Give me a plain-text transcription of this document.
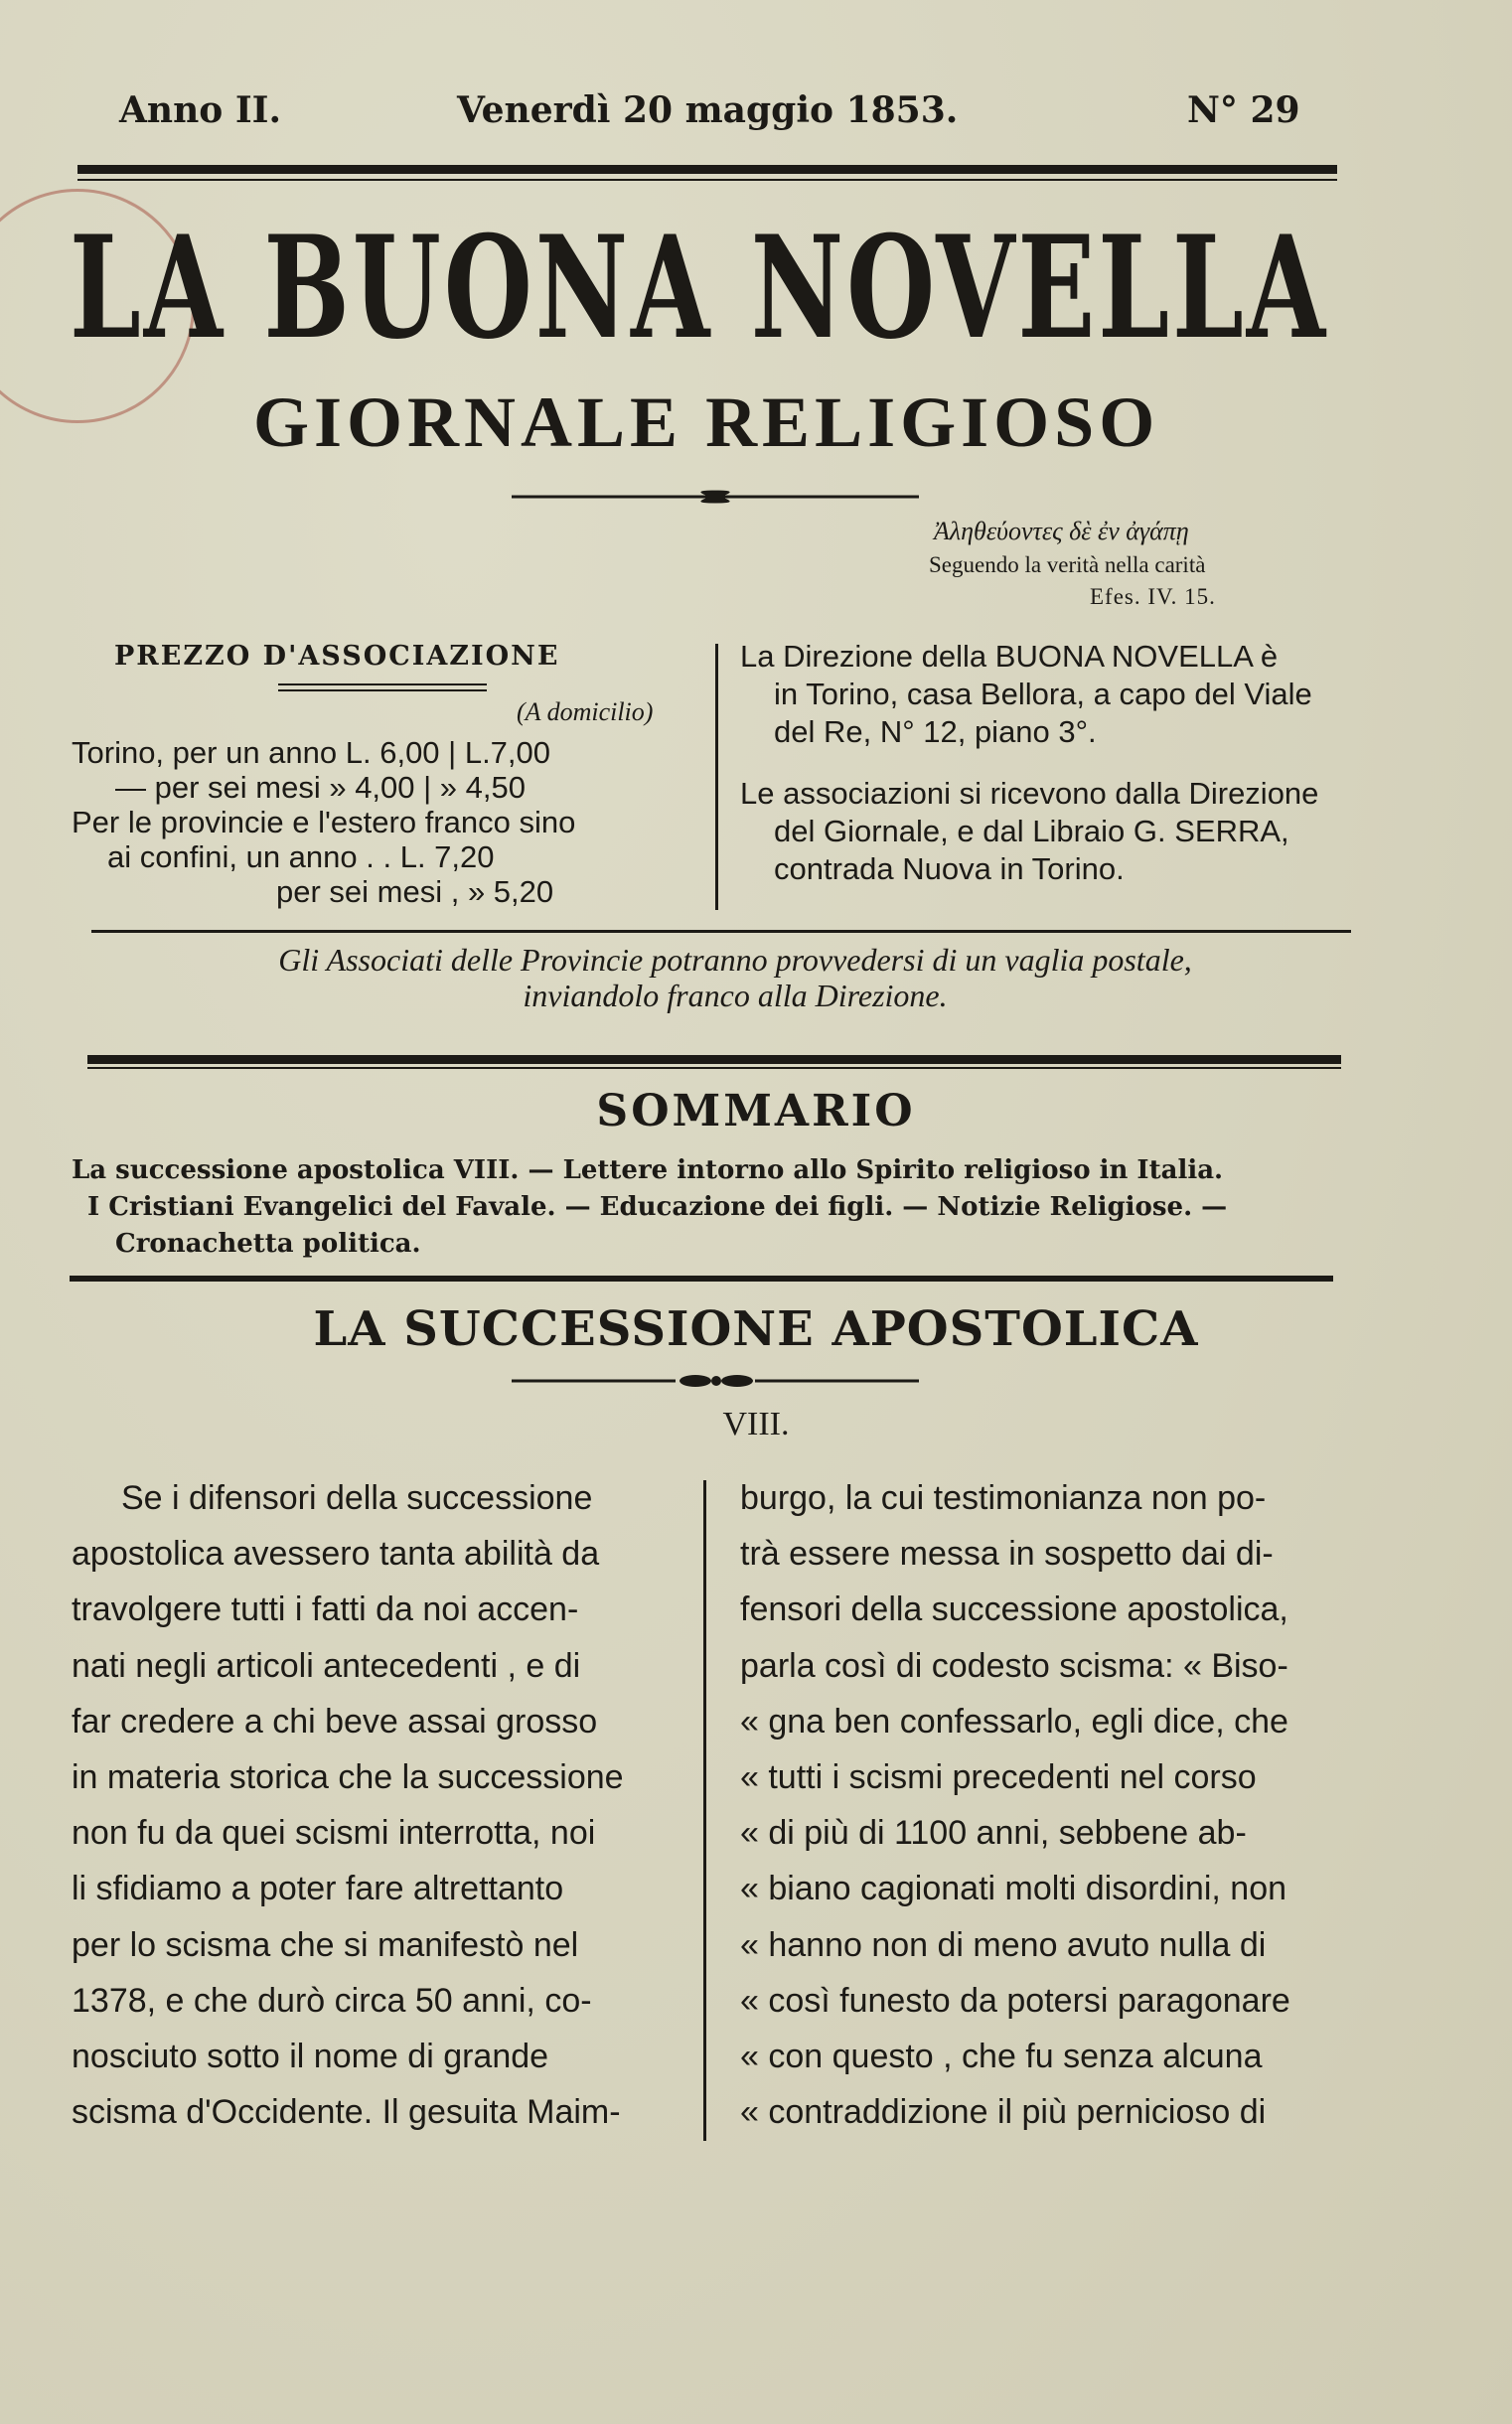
Anno II.	Venerdì 20 maggio 1853.	N° 29
LA BUONA NOVELLA
GIORNALE RELIGIOSO
Ἀληθεύοντες δὲ ἐν ἀγάπῃ
Seguendo la verità nella carità
Efes. IV. 15.
PREZZO D'ASSOCIAZIONE
(A domicilio)
Torino, per un anno L. 6,00 | L.7,00
— per sei mesi » 4,00 | » 4,50
Per le provincie e l'estero franco sino
ai confini, un anno . . L. 7,20
per sei mesi , » 5,20

La Direzione della BUONA NOVELLA è

in Torino, casa Bellora, a capo del Viale

del Re, N° 12, piano 3°.

Le associazioni si ricevono dalla Direzione

del Giornale, e dal Libraio G. SERRA,

contrada Nuova in Torino.

Gli Associati delle Provincie potranno provvedersi di un vaglia postale,
inviandolo franco alla Direzione.
SOMMARIO
La successione apostolica VIII. — Lettere intorno allo Spirito religioso in Italia.
I Cristiani Evangelici del Favale. — Educazione dei figli. — Notizie Religiose. —
Cronachetta politica.
LA SUCCESSIONE APOSTOLICA
VIII.
Se i difensori della successione
apostolica avessero tanta abilità da
travolgere tutti i fatti da noi accen-
nati negli articoli antecedenti , e di
far credere a chi beve assai grosso
in materia storica che la successione
non fu da quei scismi interrotta, noi
li sfidiamo a poter fare altrettanto
per lo scisma che si manifestò nel
1378, e che durò circa 50 anni, co-
nosciuto sotto il nome di grande
scisma d'Occidente. Il gesuita Maim-
burgo, la cui testimonianza non po-
trà essere messa in sospetto dai di-
fensori della successione apostolica,
parla così di codesto scisma: « Biso-
« gna ben confessarlo, egli dice, che
« tutti i scismi precedenti nel corso
« di più di 1100 anni, sebbene ab-
« biano cagionati molti disordini, non
« hanno non di meno avuto nulla di
« così funesto da potersi paragonare
« con questo , che fu senza alcuna
« contraddizione il più pernicioso di
